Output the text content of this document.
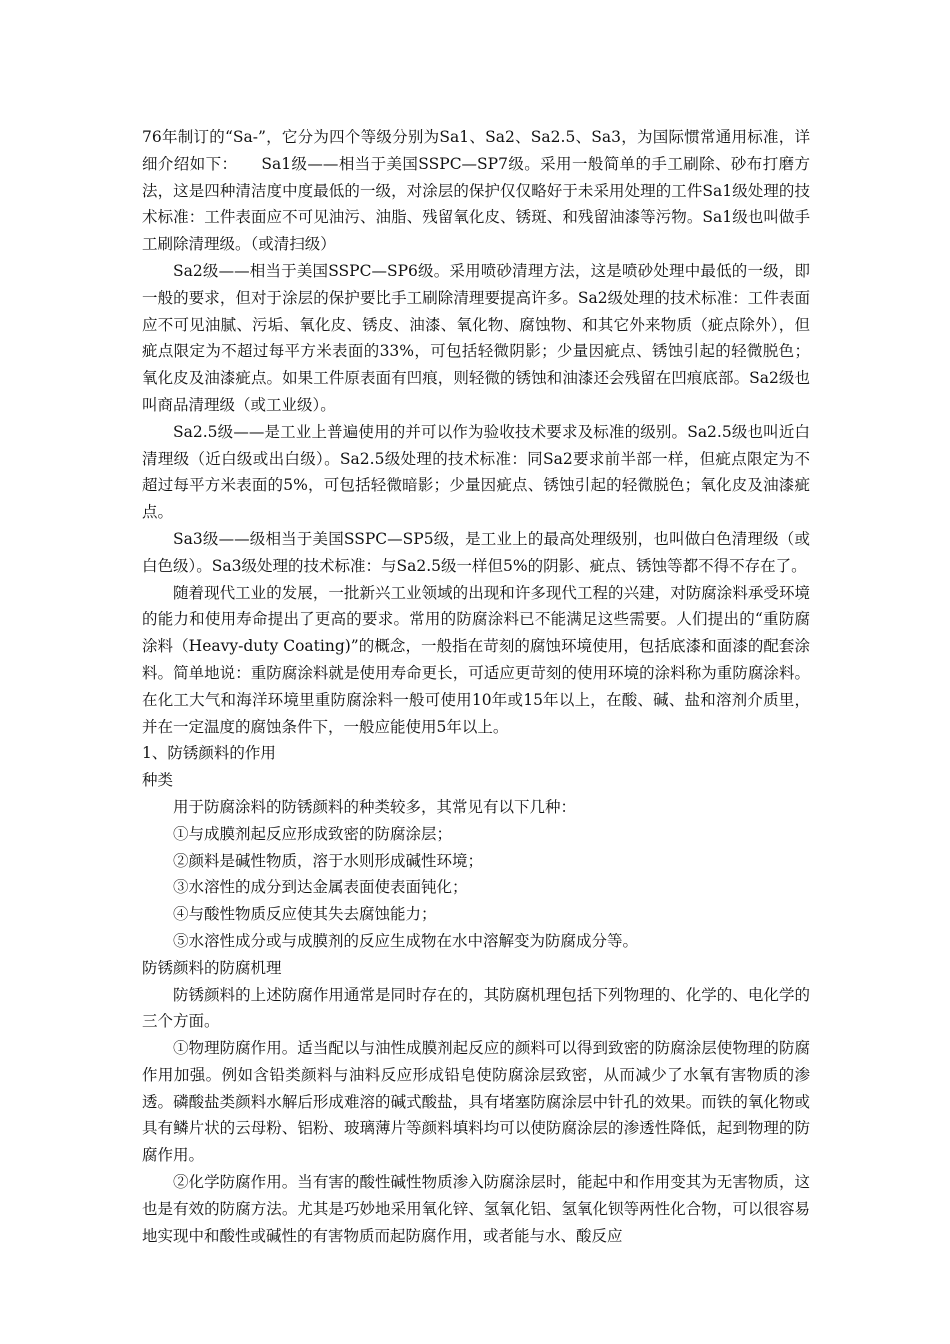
76年制订的“Sa-”，它分为四个等级分别为Sa1、Sa2、Sa2.5、Sa3，为国际惯常通用标准，详细介绍如下：　　Sa1级——相当于美国SSPC—SP7级。采用一般简单的手工刷除、砂布打磨方法，这是四种清洁度中度最低的一级，对涂层的保护仅仅略好于未采用处理的工件Sa1级处理的技术标准：工件表面应不可见油污、油脂、残留氧化皮、锈斑、和残留油漆等污物。Sa1级也叫做手工刷除清理级。（或清扫级）

Sa2级——相当于美国SSPC—SP6级。采用喷砂清理方法，这是喷砂处理中最低的一级，即一般的要求，但对于涂层的保护要比手工刷除清理要提高许多。Sa2级处理的技术标准：工件表面应不可见油腻、污垢、氧化皮、锈皮、油漆、氧化物、腐蚀物、和其它外来物质（疵点除外），但疵点限定为不超过每平方米表面的33%，可包括轻微阴影；少量因疵点、锈蚀引起的轻微脱色；氧化皮及油漆疵点。如果工件原表面有凹痕，则轻微的锈蚀和油漆还会残留在凹痕底部。Sa2级也叫商品清理级（或工业级）。

Sa2.5级——是工业上普遍使用的并可以作为验收技术要求及标准的级别。Sa2.5级也叫近白清理级（近白级或出白级）。Sa2.5级处理的技术标准：同Sa2要求前半部一样，但疵点限定为不超过每平方米表面的5%，可包括轻微暗影；少量因疵点、锈蚀引起的轻微脱色；氧化皮及油漆疵点。

Sa3级——级相当于美国SSPC—SP5级，是工业上的最高处理级别，也叫做白色清理级（或白色级）。Sa3级处理的技术标准：与Sa2.5级一样但5%的阴影、疵点、锈蚀等都不得不存在了。

随着现代工业的发展，一批新兴工业领域的出现和许多现代工程的兴建，对防腐涂料承受环境的能力和使用寿命提出了更高的要求。常用的防腐涂料已不能满足这些需要。人们提出的“重防腐涂料（Heavy-duty Coating)”的概念，一般指在苛刻的腐蚀环境使用，包括底漆和面漆的配套涂料。简单地说：重防腐涂料就是使用寿命更长，可适应更苛刻的使用环境的涂料称为重防腐涂料。在化工大气和海洋环境里重防腐涂料一般可使用10年或15年以上，在酸、碱、盐和溶剂介质里，并在一定温度的腐蚀条件下，一般应能使用5年以上。

1、防锈颜料的作用

种类

用于防腐涂料的防锈颜料的种类较多，其常见有以下几种：

①与成膜剂起反应形成致密的防腐涂层；

②颜料是碱性物质，溶于水则形成碱性环境；

③水溶性的成分到达金属表面使表面钝化；

④与酸性物质反应使其失去腐蚀能力；

⑤水溶性成分或与成膜剂的反应生成物在水中溶解变为防腐成分等。

防锈颜料的防腐机理

防锈颜料的上述防腐作用通常是同时存在的，其防腐机理包括下列物理的、化学的、电化学的三个方面。

①物理防腐作用。适当配以与油性成膜剂起反应的颜料可以得到致密的防腐涂层使物理的防腐作用加强。例如含铅类颜料与油料反应形成铅皂使防腐涂层致密，从而减少了水氧有害物质的渗透。磷酸盐类颜料水解后形成难溶的碱式酸盐，具有堵塞防腐涂层中针孔的效果。而铁的氧化物或具有鳞片状的云母粉、铝粉、玻璃薄片等颜料填料均可以使防腐涂层的渗透性降低，起到物理的防腐作用。

②化学防腐作用。当有害的酸性碱性物质渗入防腐涂层时，能起中和作用变其为无害物质，这也是有效的防腐方法。尤其是巧妙地采用氧化锌、氢氧化铝、氢氧化钡等两性化合物，可以很容易地实现中和酸性或碱性的有害物质而起防腐作用，或者能与水、酸反应
